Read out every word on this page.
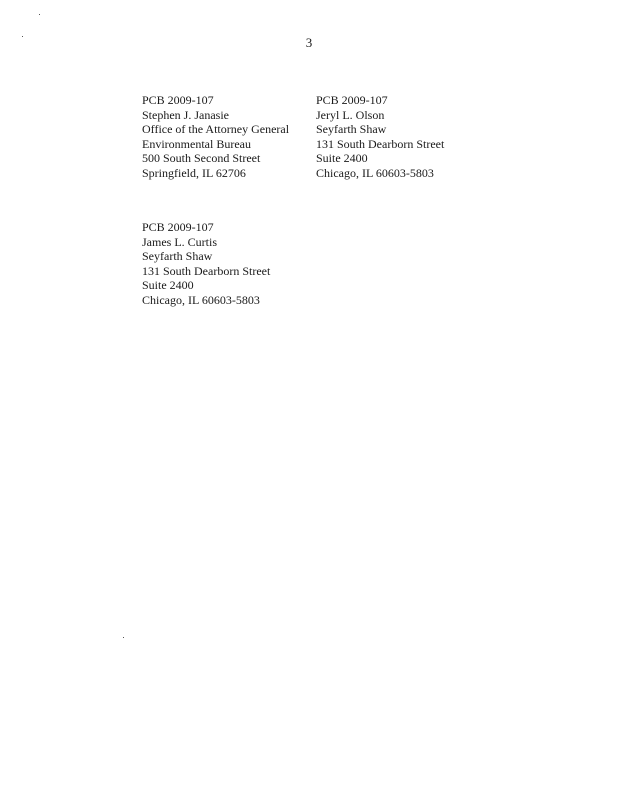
3
PCB 2009-107
Stephen J. Janasie
Office of the Attorney General
Environmental Bureau
500 South Second Street
Springfield, IL 62706
PCB 2009-107
Jeryl L. Olson
Seyfarth Shaw
131 South Dearborn Street
Suite 2400
Chicago, IL 60603-5803
PCB 2009-107
James L. Curtis
Seyfarth Shaw
131 South Dearborn Street
Suite 2400
Chicago, IL 60603-5803
